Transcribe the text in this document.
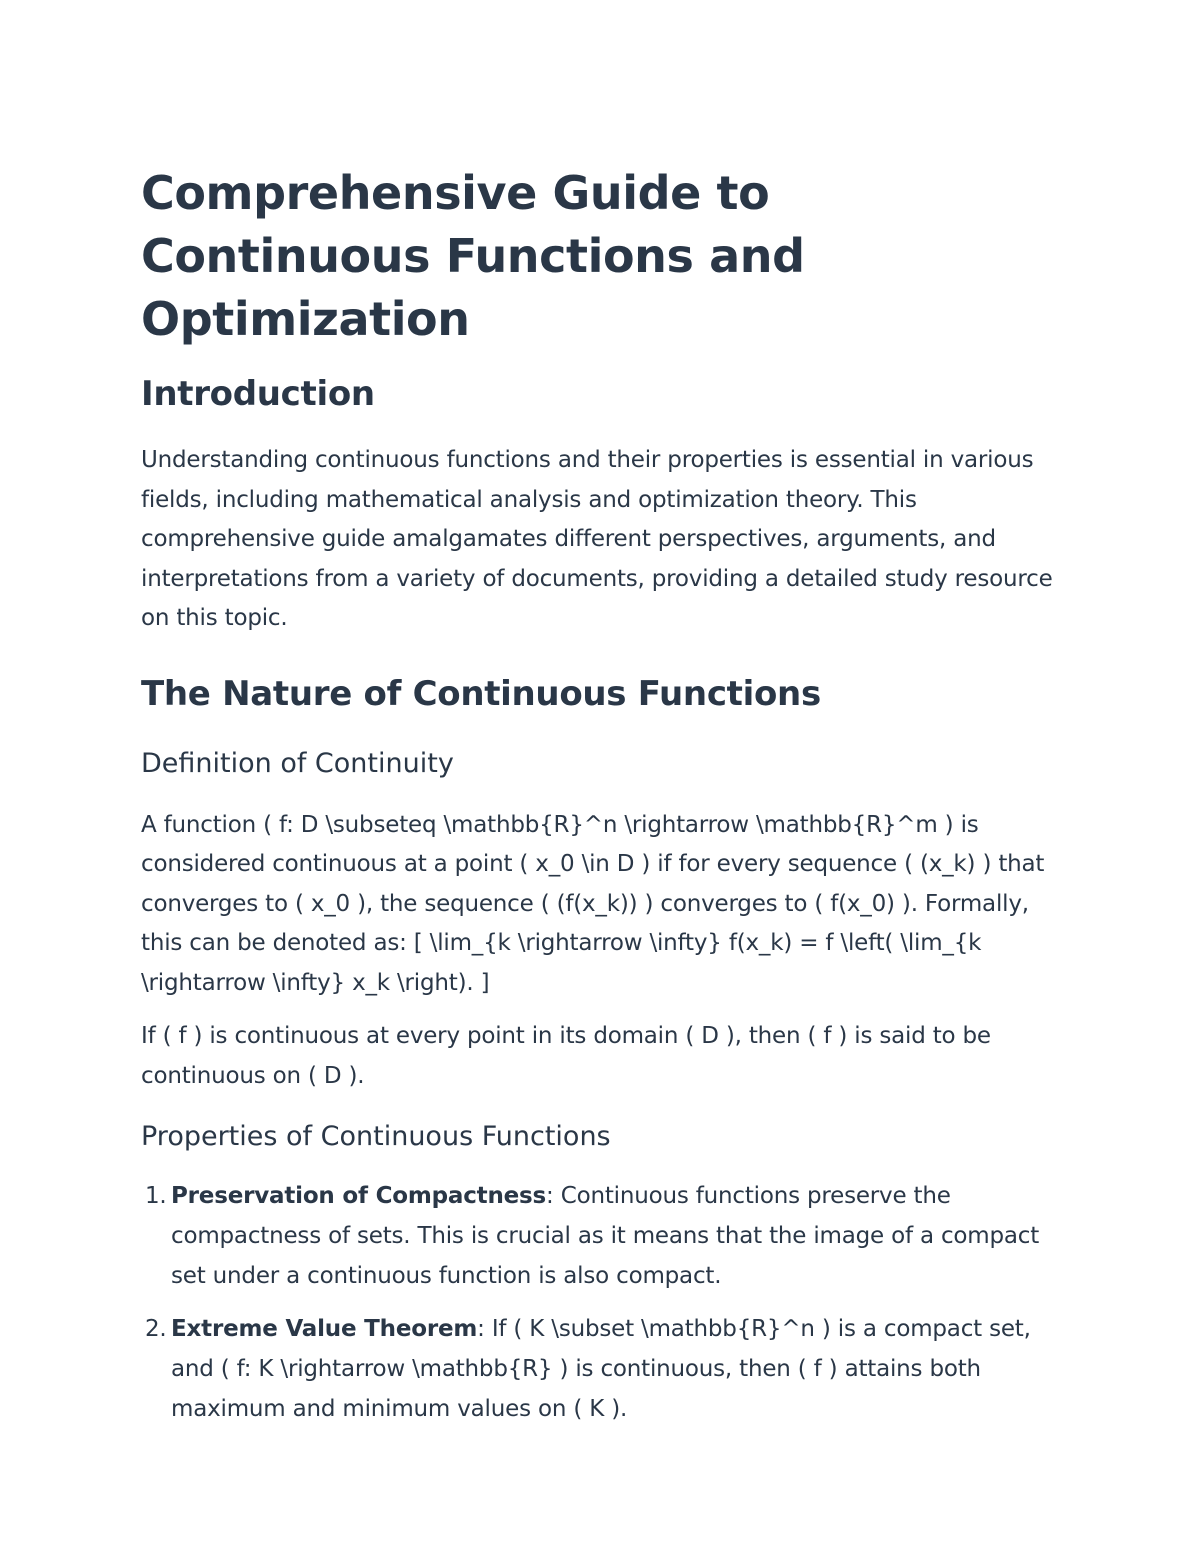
Comprehensive Guide to Continuous Functions and Optimization
Introduction

Understanding continuous functions and their properties is essential in various fields, including mathematical analysis and optimization theory. This comprehensive guide amalgamates different perspectives, arguments, and interpretations from a variety of documents, providing a detailed study resource on this topic.

The Nature of Continuous Functions
Definition of Continuity

A function ( f: D \subseteq \mathbb{R}^n \rightarrow \mathbb{R}^m ) is considered continuous at a point ( x_0 \in D ) if for every sequence ( (x_k) ) that converges to ( x_0 ), the sequence ( (f(x_k)) ) converges to ( f(x_0) ). Formally, this can be denoted as: [ \lim_{k \rightarrow \infty} f(x_k) = f \left( \lim_{k \rightarrow \infty} x_k \right). ]

If ( f ) is continuous at every point in its domain ( D ), then ( f ) is said to be continuous on ( D ).

Properties of Continuous Functions
1. Preservation of Compactness: Continuous functions preserve the compactness of sets. This is crucial as it means that the image of a compact set under a continuous function is also compact.
2. Extreme Value Theorem: If ( K \subset \mathbb{R}^n ) is a compact set, and ( f: K \rightarrow \mathbb{R} ) is continuous, then ( f ) attains both maximum and minimum values on ( K ).
